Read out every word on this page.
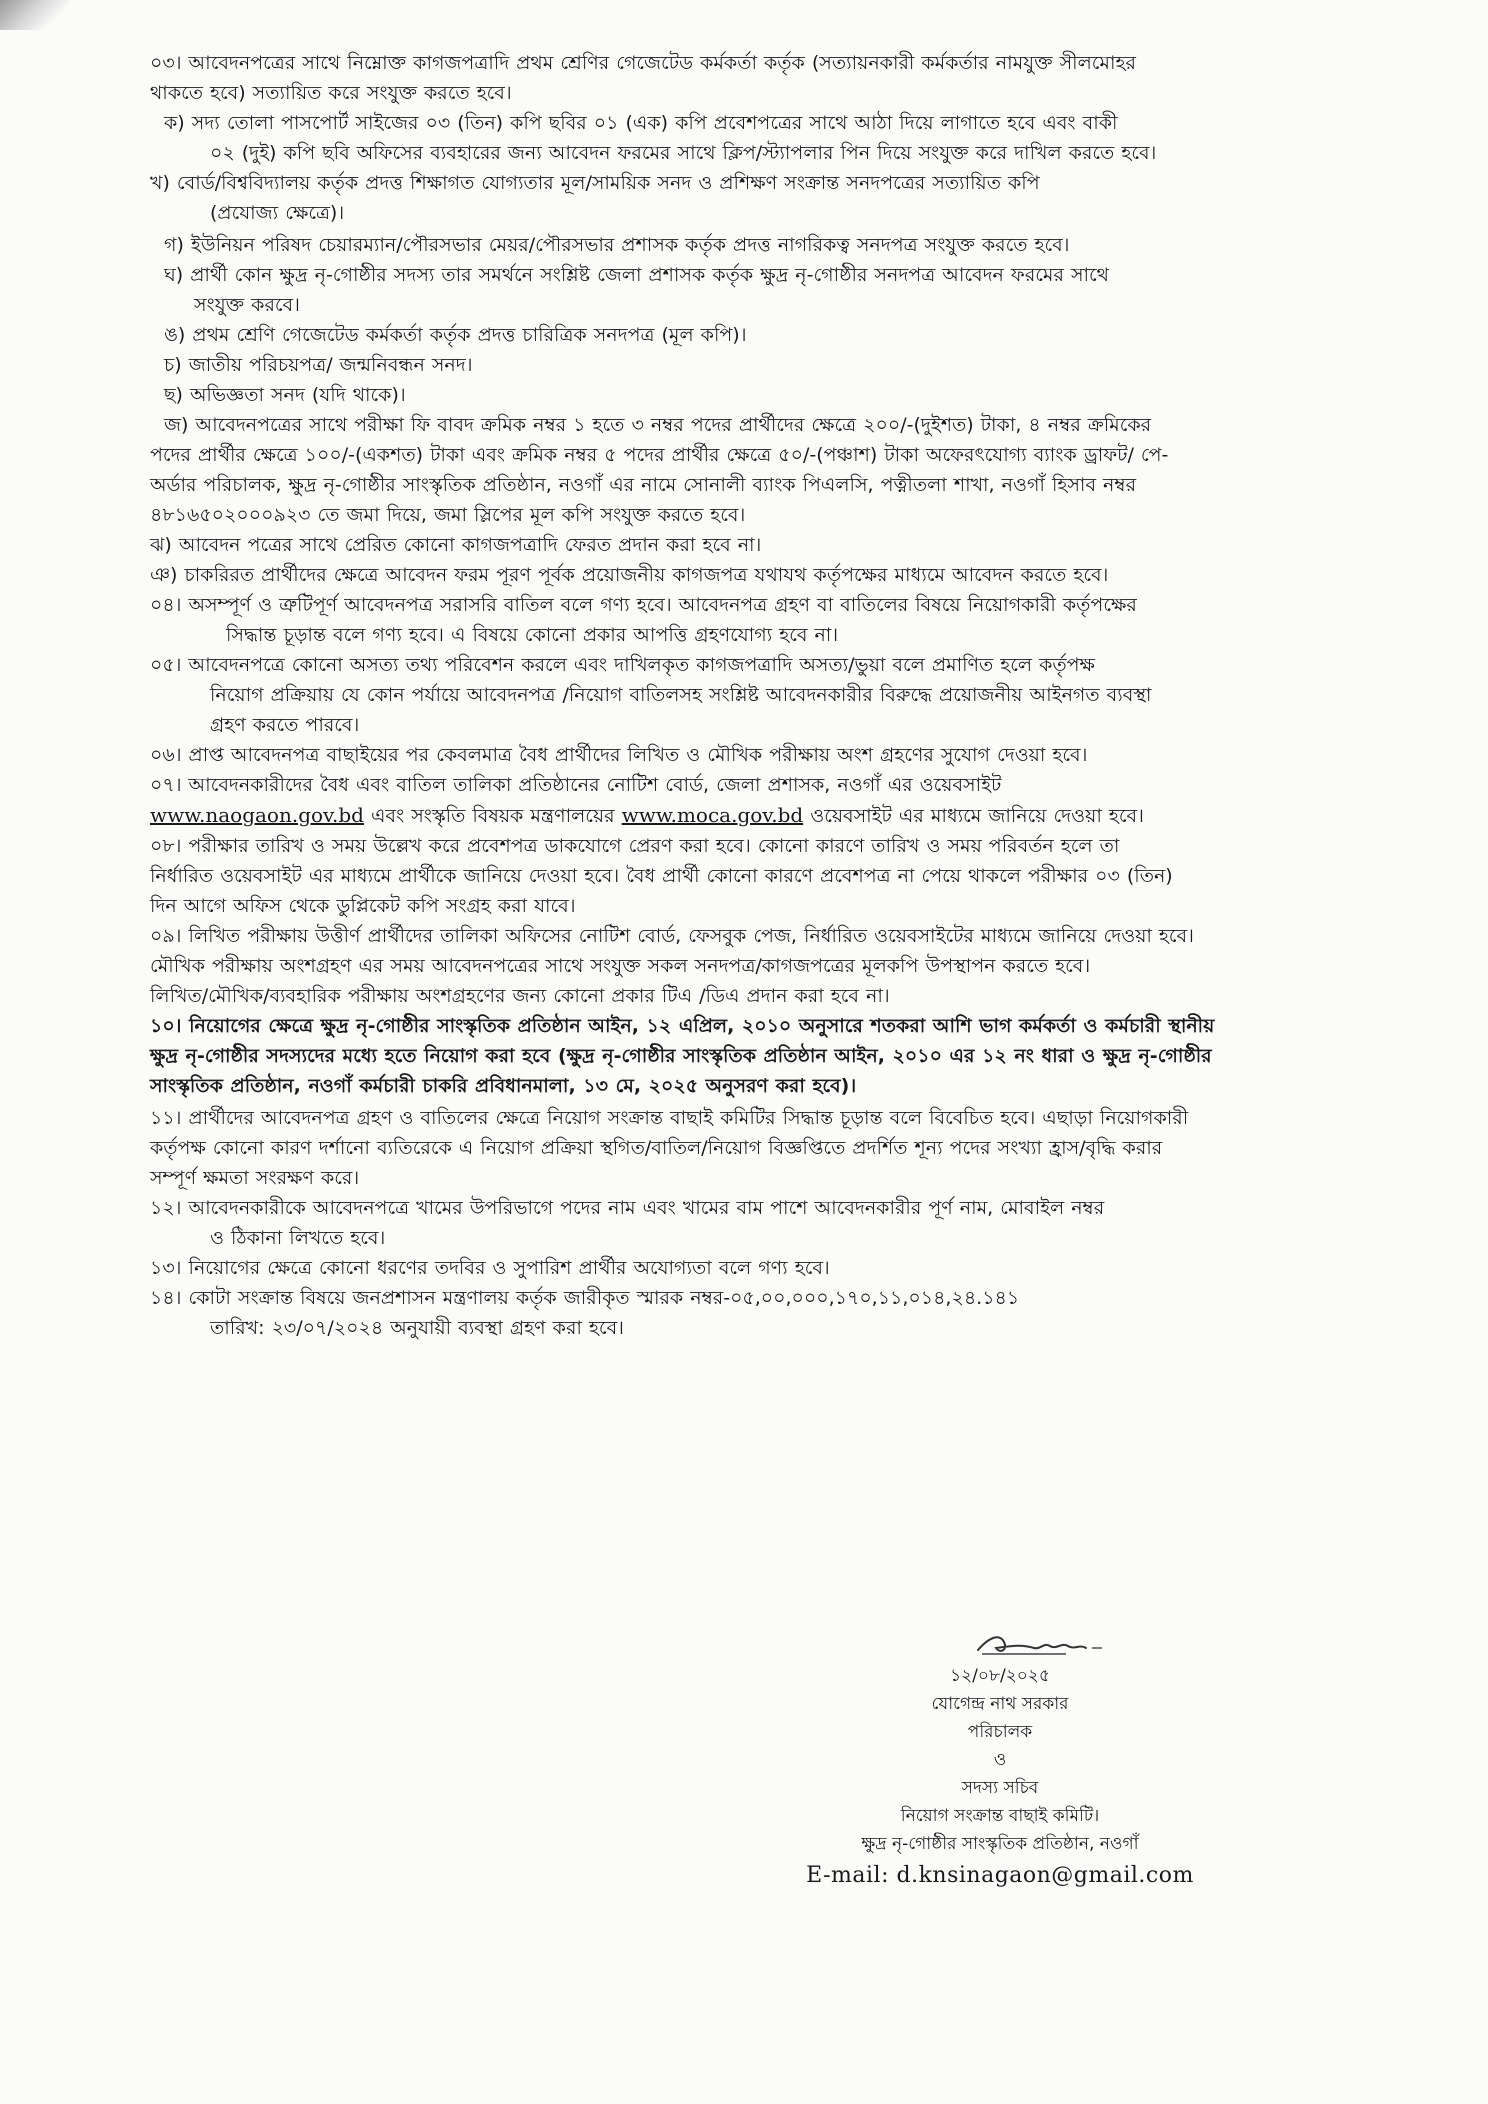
০৩। আবেদনপত্রের সাথে নিম্নোক্ত কাগজপত্রাদি প্রথম শ্রেণির গেজেটেড কর্মকর্তা কর্তৃক (সত্যায়নকারী কর্মকর্তার নামযুক্ত সীলমোহর
থাকতে হবে) সত্যায়িত করে সংযুক্ত করতে হবে।
ক) সদ্য তোলা পাসপোর্ট সাইজের ০৩ (তিন) কপি ছবির ০১ (এক) কপি প্রবেশপত্রের সাথে আঠা দিয়ে লাগাতে হবে এবং বাকী
০২ (দুই) কপি ছবি অফিসের ব্যবহারের জন্য আবেদন ফরমের সাথে ক্লিপ/স্ট্যাপলার পিন দিয়ে সংযুক্ত করে দাখিল করতে হবে।
খ) বোর্ড/বিশ্ববিদ্যালয় কর্তৃক প্রদত্ত শিক্ষাগত যোগ্যতার মূল/সাময়িক সনদ ও প্রশিক্ষণ সংক্রান্ত সনদপত্রের সত্যায়িত কপি
(প্রযোজ্য ক্ষেত্রে)।
গ) ইউনিয়ন পরিষদ চেয়ারম্যান/পৌরসভার মেয়র/পৌরসভার প্রশাসক কর্তৃক প্রদত্ত নাগরিকত্ব সনদপত্র সংযুক্ত করতে হবে।
ঘ) প্রার্থী কোন ক্ষুদ্র নৃ-গোষ্ঠীর সদস্য তার সমর্থনে সংশ্লিষ্ট জেলা প্রশাসক কর্তৃক ক্ষুদ্র নৃ-গোষ্ঠীর সনদপত্র আবেদন ফরমের সাথে
সংযুক্ত করবে।
ঙ) প্রথম শ্রেণি গেজেটেড কর্মকর্তা কর্তৃক প্রদত্ত চারিত্রিক সনদপত্র (মূল কপি)।
চ) জাতীয় পরিচয়পত্র/ জন্মনিবন্ধন সনদ।
ছ) অভিজ্ঞতা সনদ (যদি থাকে)।
জ) আবেদনপত্রের সাথে পরীক্ষা ফি বাবদ ক্রমিক নম্বর ১ হতে ৩ নম্বর পদের প্রার্থীদের ক্ষেত্রে ২০০/-(দুইশত) টাকা, ৪ নম্বর ক্রমিকের
পদের প্রার্থীর ক্ষেত্রে ১০০/-(একশত) টাকা এবং ক্রমিক নম্বর ৫ পদের প্রার্থীর ক্ষেত্রে ৫০/-(পঞ্চাশ) টাকা অফেরৎযোগ্য ব্যাংক ড্রাফট/ পে-
অর্ডার পরিচালক, ক্ষুদ্র নৃ-গোষ্ঠীর সাংস্কৃতিক প্রতিষ্ঠান, নওগাঁ এর নামে সোনালী ব্যাংক পিএলসি, পত্নীতলা শাখা, নওগাঁ হিসাব নম্বর
৪৮১৬৫০২০০০৯২৩ তে জমা দিয়ে, জমা স্লিপের মূল কপি সংযুক্ত করতে হবে।
ঝ) আবেদন পত্রের সাথে প্রেরিত কোনো কাগজপত্রাদি ফেরত প্রদান করা হবে না।
ঞ) চাকরিরত প্রার্থীদের ক্ষেত্রে আবেদন ফরম পূরণ পূর্বক প্রয়োজনীয় কাগজপত্র যথাযথ কর্তৃপক্ষের মাধ্যমে আবেদন করতে হবে।
০৪। অসম্পূর্ণ ও ত্রুটিপূর্ণ আবেদনপত্র সরাসরি বাতিল বলে গণ্য হবে। আবেদনপত্র গ্রহণ বা বাতিলের বিষয়ে নিয়োগকারী কর্তৃপক্ষের
সিদ্ধান্ত চূড়ান্ত বলে গণ্য হবে। এ বিষয়ে কোনো প্রকার আপত্তি গ্রহণযোগ্য হবে না।
০৫। আবেদনপত্রে কোনো অসত্য তথ্য পরিবেশন করলে এবং দাখিলকৃত কাগজপত্রাদি অসত্য/ভুয়া বলে প্রমাণিত হলে কর্তৃপক্ষ
নিয়োগ প্রক্রিয়ায় যে কোন পর্যায়ে আবেদনপত্র /নিয়োগ বাতিলসহ সংশ্লিষ্ট আবেদনকারীর বিরুদ্ধে প্রয়োজনীয় আইনগত ব্যবস্থা
গ্রহণ করতে পারবে।
০৬। প্রাপ্ত আবেদনপত্র বাছাইয়ের পর কেবলমাত্র বৈধ প্রার্থীদের লিখিত ও মৌখিক পরীক্ষায় অংশ গ্রহণের সুযোগ দেওয়া হবে।
০৭। আবেদনকারীদের বৈধ এবং বাতিল তালিকা প্রতিষ্ঠানের নোটিশ বোর্ড, জেলা প্রশাসক, নওগাঁ এর ওয়েবসাইট
www.naogaon.gov.bd এবং সংস্কৃতি বিষয়ক মন্ত্রণালয়ের www.moca.gov.bd ওয়েবসাইট এর মাধ্যমে জানিয়ে দেওয়া হবে।
০৮। পরীক্ষার তারিখ ও সময় উল্লেখ করে প্রবেশপত্র ডাকযোগে প্রেরণ করা হবে। কোনো কারণে তারিখ ও সময় পরিবর্তন হলে তা
নির্ধারিত ওয়েবসাইট এর মাধ্যমে প্রার্থীকে জানিয়ে দেওয়া হবে। বৈধ প্রার্থী কোনো কারণে প্রবেশপত্র না পেয়ে থাকলে পরীক্ষার ০৩ (তিন)
দিন আগে অফিস থেকে ডুপ্লিকেট কপি সংগ্রহ করা যাবে।
০৯। লিখিত পরীক্ষায় উত্তীর্ণ প্রার্থীদের তালিকা অফিসের নোটিশ বোর্ড, ফেসবুক পেজ, নির্ধারিত ওয়েবসাইটের মাধ্যমে জানিয়ে দেওয়া হবে।
মৌখিক পরীক্ষায় অংশগ্রহণ এর সময় আবেদনপত্রের সাথে সংযুক্ত সকল সনদপত্র/কাগজপত্রের মূলকপি উপস্থাপন করতে হবে।
লিখিত/মৌখিক/ব্যবহারিক পরীক্ষায় অংশগ্রহণের জন্য কোনো প্রকার টিএ /ডিএ প্রদান করা হবে না।
১০। নিয়োগের ক্ষেত্রে ক্ষুদ্র নৃ-গোষ্ঠীর সাংস্কৃতিক প্রতিষ্ঠান আইন, ১২ এপ্রিল, ২০১০ অনুসারে শতকরা আশি ভাগ কর্মকর্তা ও কর্মচারী স্থানীয়
ক্ষুদ্র নৃ-গোষ্ঠীর সদস্যদের মধ্যে হতে নিয়োগ করা হবে (ক্ষুদ্র নৃ-গোষ্ঠীর সাংস্কৃতিক প্রতিষ্ঠান আইন, ২০১০ এর ১২ নং ধারা ও ক্ষুদ্র নৃ-গোষ্ঠীর
সাংস্কৃতিক প্রতিষ্ঠান, নওগাঁ কর্মচারী চাকরি প্রবিধানমালা, ১৩ মে, ২০২৫ অনুসরণ করা হবে)।
১১। প্রার্থীদের আবেদনপত্র গ্রহণ ও বাতিলের ক্ষেত্রে নিয়োগ সংক্রান্ত বাছাই কমিটির সিদ্ধান্ত চূড়ান্ত বলে বিবেচিত হবে। এছাড়া নিয়োগকারী
কর্তৃপক্ষ কোনো কারণ দর্শানো ব্যতিরেকে এ নিয়োগ প্রক্রিয়া স্থগিত/বাতিল/নিয়োগ বিজ্ঞপ্তিতে প্রদর্শিত শূন্য পদের সংখ্যা হ্রাস/বৃদ্ধি করার
সম্পূর্ণ ক্ষমতা সংরক্ষণ করে।
১২। আবেদনকারীকে আবেদনপত্রে খামের উপরিভাগে পদের নাম এবং খামের বাম পাশে আবেদনকারীর পূর্ণ নাম, মোবাইল নম্বর
ও ঠিকানা লিখতে হবে।
১৩। নিয়োগের ক্ষেত্রে কোনো ধরণের তদবির ও সুপারিশ প্রার্থীর অযোগ্যতা বলে গণ্য হবে।
১৪। কোটা সংক্রান্ত বিষয়ে জনপ্রশাসন মন্ত্রণালয় কর্তৃক জারীকৃত স্মারক নম্বর-০৫,০০,০০০,১৭০,১১,০১৪,২৪.১৪১
তারিখ: ২৩/০৭/২০২৪ অনুযায়ী ব্যবস্থা গ্রহণ করা হবে।
১২/০৮/২০২৫
যোগেন্দ্র নাথ সরকার
পরিচালক
ও
সদস্য সচিব
নিয়োগ সংক্রান্ত বাছাই কমিটি।
ক্ষুদ্র নৃ-গোষ্ঠীর সাংস্কৃতিক প্রতিষ্ঠান, নওগাঁ
E-mail: d.knsinagaon@gmail.com
